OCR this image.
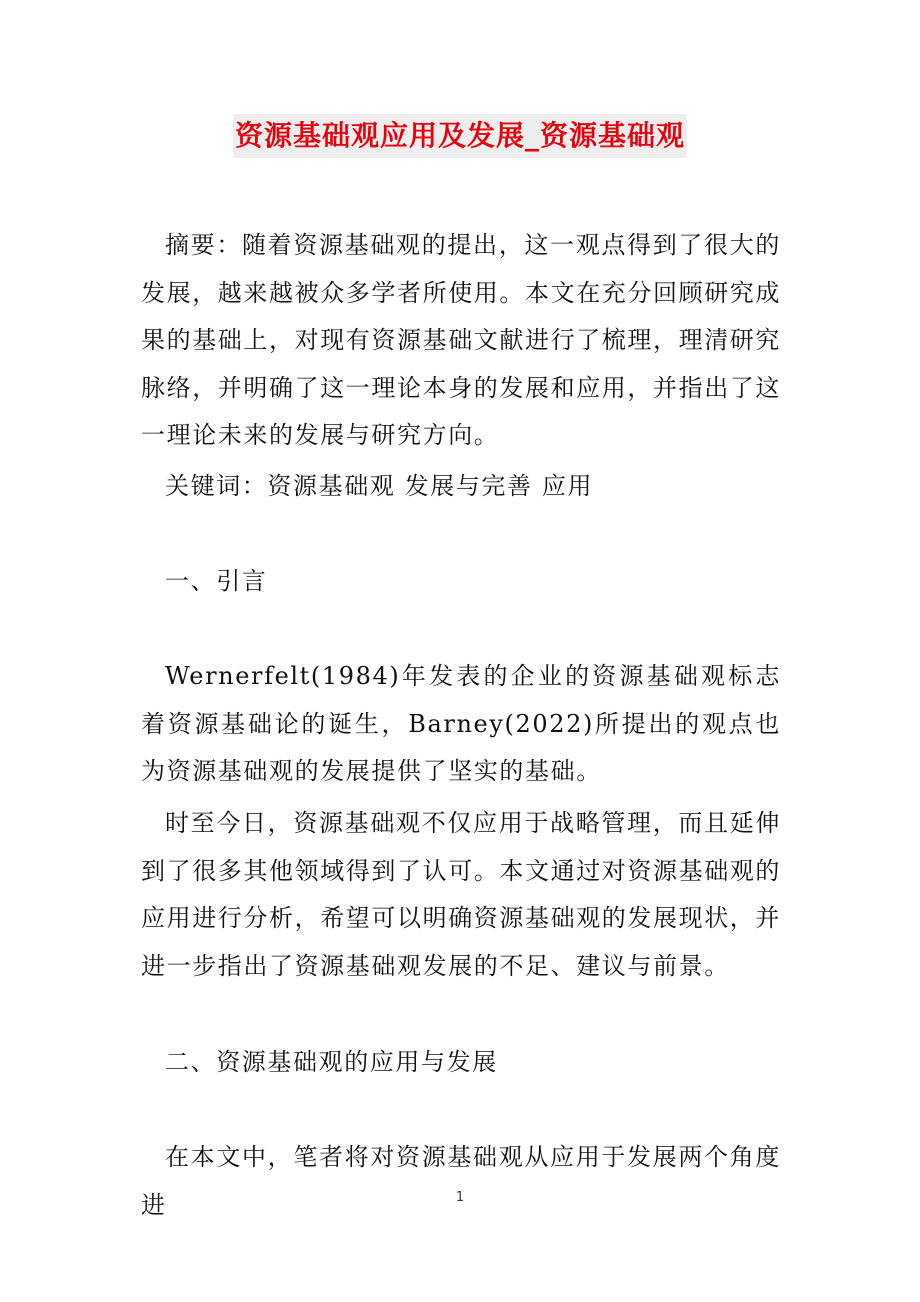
资源基础观应用及发展_资源基础观

摘要：随着资源基础观的提出，这一观点得到了很大的发展，越来越被众多学者所使用。本文在充分回顾研究成果的基础上，对现有资源基础文献进行了梳理，理清研究脉络，并明确了这一理论本身的发展和应用，并指出了这一理论未来的发展与研究方向。

关键词：资源基础观 发展与完善 应用

一、引言

Wernerfelt(1984)年发表的企业的资源基础观标志着资源基础论的诞生，Barney(2022)所提出的观点也为资源基础观的发展提供了坚实的基础。

时至今日，资源基础观不仅应用于战略管理，而且延伸到了很多其他领域得到了认可。本文通过对资源基础观的应用进行分析，希望可以明确资源基础观的发展现状，并进一步指出了资源基础观发展的不足、建议与前景。

二、资源基础观的应用与发展

在本文中，笔者将对资源基础观从应用于发展两个角度进	1
